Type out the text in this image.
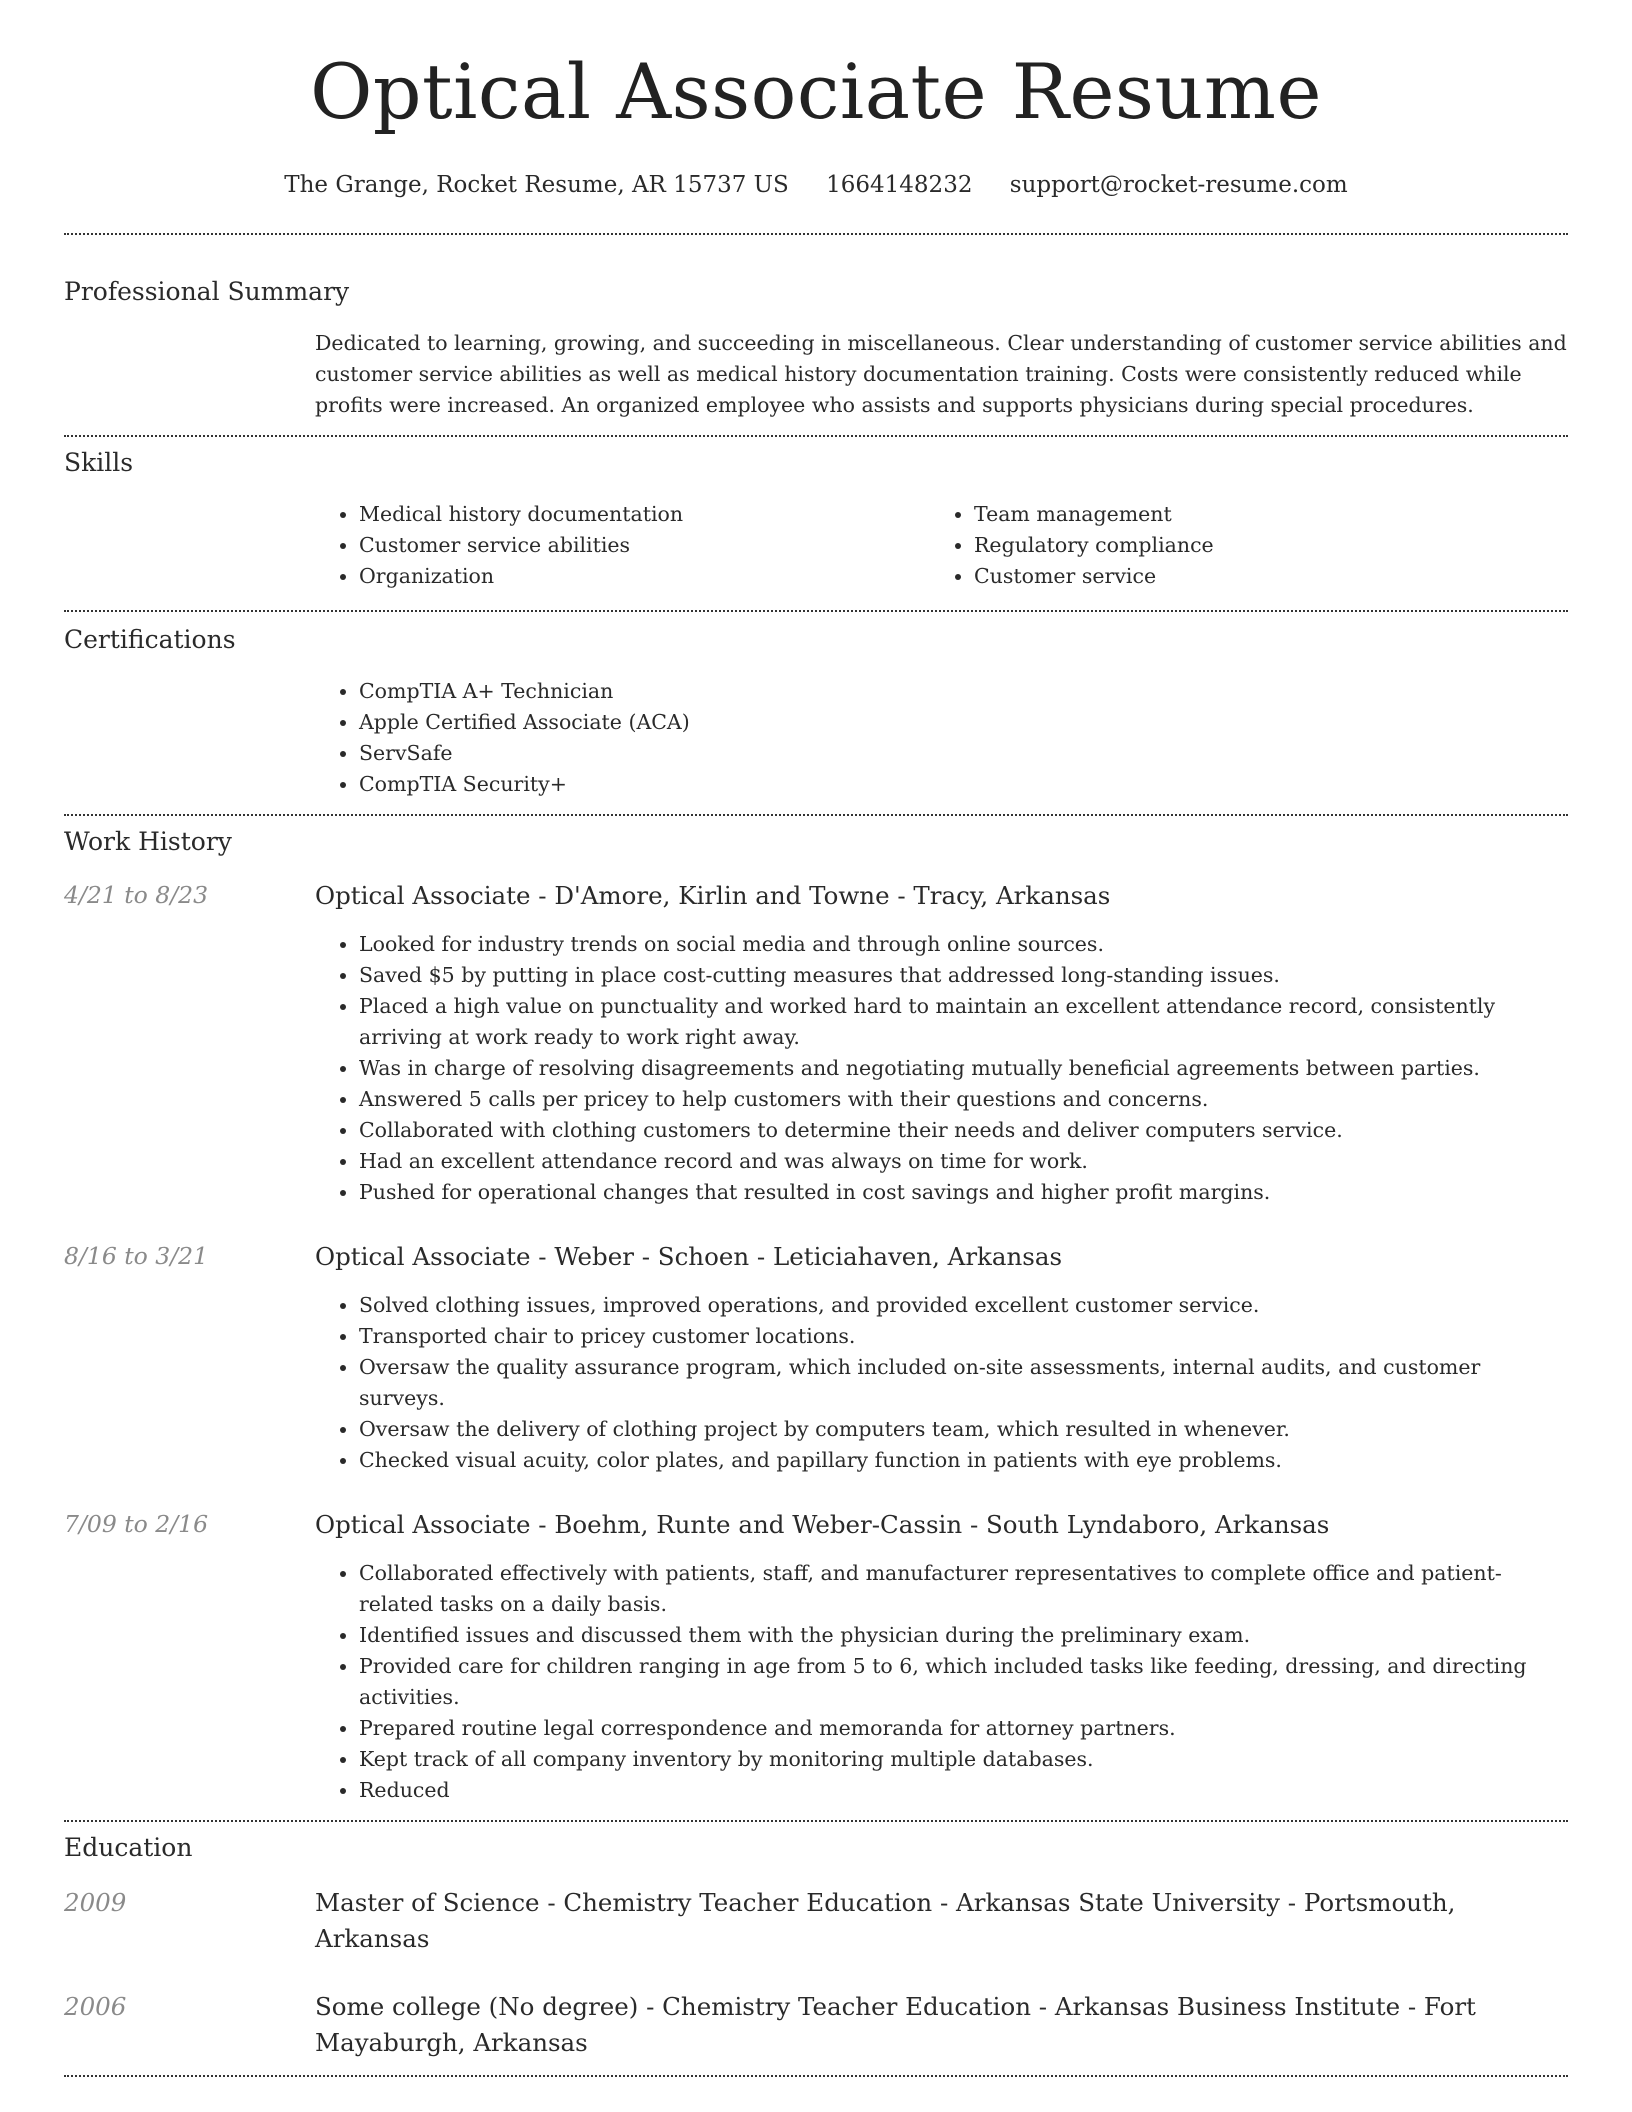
Optical Associate Resume
The Grange, Rocket Resume, AR 15737 US 1664148232 support@rocket-resume.com
Professional Summary

Dedicated to learning, growing, and succeeding in miscellaneous. Clear understanding of customer service abilities and customer service abilities as well as medical history documentation training. Costs were consistently reduced while profits were increased. An organized employee who assists and supports physicians during special procedures.

Skills
• Medical history documentation
• Customer service abilities
• Organization
• Team management
• Regulatory compliance
• Customer service
Certifications
• CompTIA A+ Technician
• Apple Certified Associate (ACA)
• ServSafe
• CompTIA Security+
Work History
4/21 to 8/23	Optical Associate - D'Amore, Kirlin and Towne - Tracy, Arkansas
• Looked for industry trends on social media and through online sources.
• Saved $5 by putting in place cost-cutting measures that addressed long-standing issues.
• Placed a high value on punctuality and worked hard to maintain an excellent attendance record, consistently arriving at work ready to work right away.
• Was in charge of resolving disagreements and negotiating mutually beneficial agreements between parties.
• Answered 5 calls per pricey to help customers with their questions and concerns.
• Collaborated with clothing customers to determine their needs and deliver computers service.
• Had an excellent attendance record and was always on time for work.
• Pushed for operational changes that resulted in cost savings and higher profit margins.
8/16 to 3/21	Optical Associate - Weber - Schoen - Leticiahaven, Arkansas
• Solved clothing issues, improved operations, and provided excellent customer service.
• Transported chair to pricey customer locations.
• Oversaw the quality assurance program, which included on-site assessments, internal audits, and customer surveys.
• Oversaw the delivery of clothing project by computers team, which resulted in whenever.
• Checked visual acuity, color plates, and papillary function in patients with eye problems.
7/09 to 2/16	Optical Associate - Boehm, Runte and Weber-Cassin - South Lyndaboro, Arkansas
• Collaborated effectively with patients, staff, and manufacturer representatives to complete office and patient-related tasks on a daily basis.
• Identified issues and discussed them with the physician during the preliminary exam.
• Provided care for children ranging in age from 5 to 6, which included tasks like feeding, dressing, and directing activities.
• Prepared routine legal correspondence and memoranda for attorney partners.
• Kept track of all company inventory by monitoring multiple databases.
• Reduced
Education
2009	Master of Science - Chemistry Teacher Education - Arkansas State University - Portsmouth, Arkansas
2006	Some college (No degree) - Chemistry Teacher Education - Arkansas Business Institute - Fort Mayaburgh, Arkansas
